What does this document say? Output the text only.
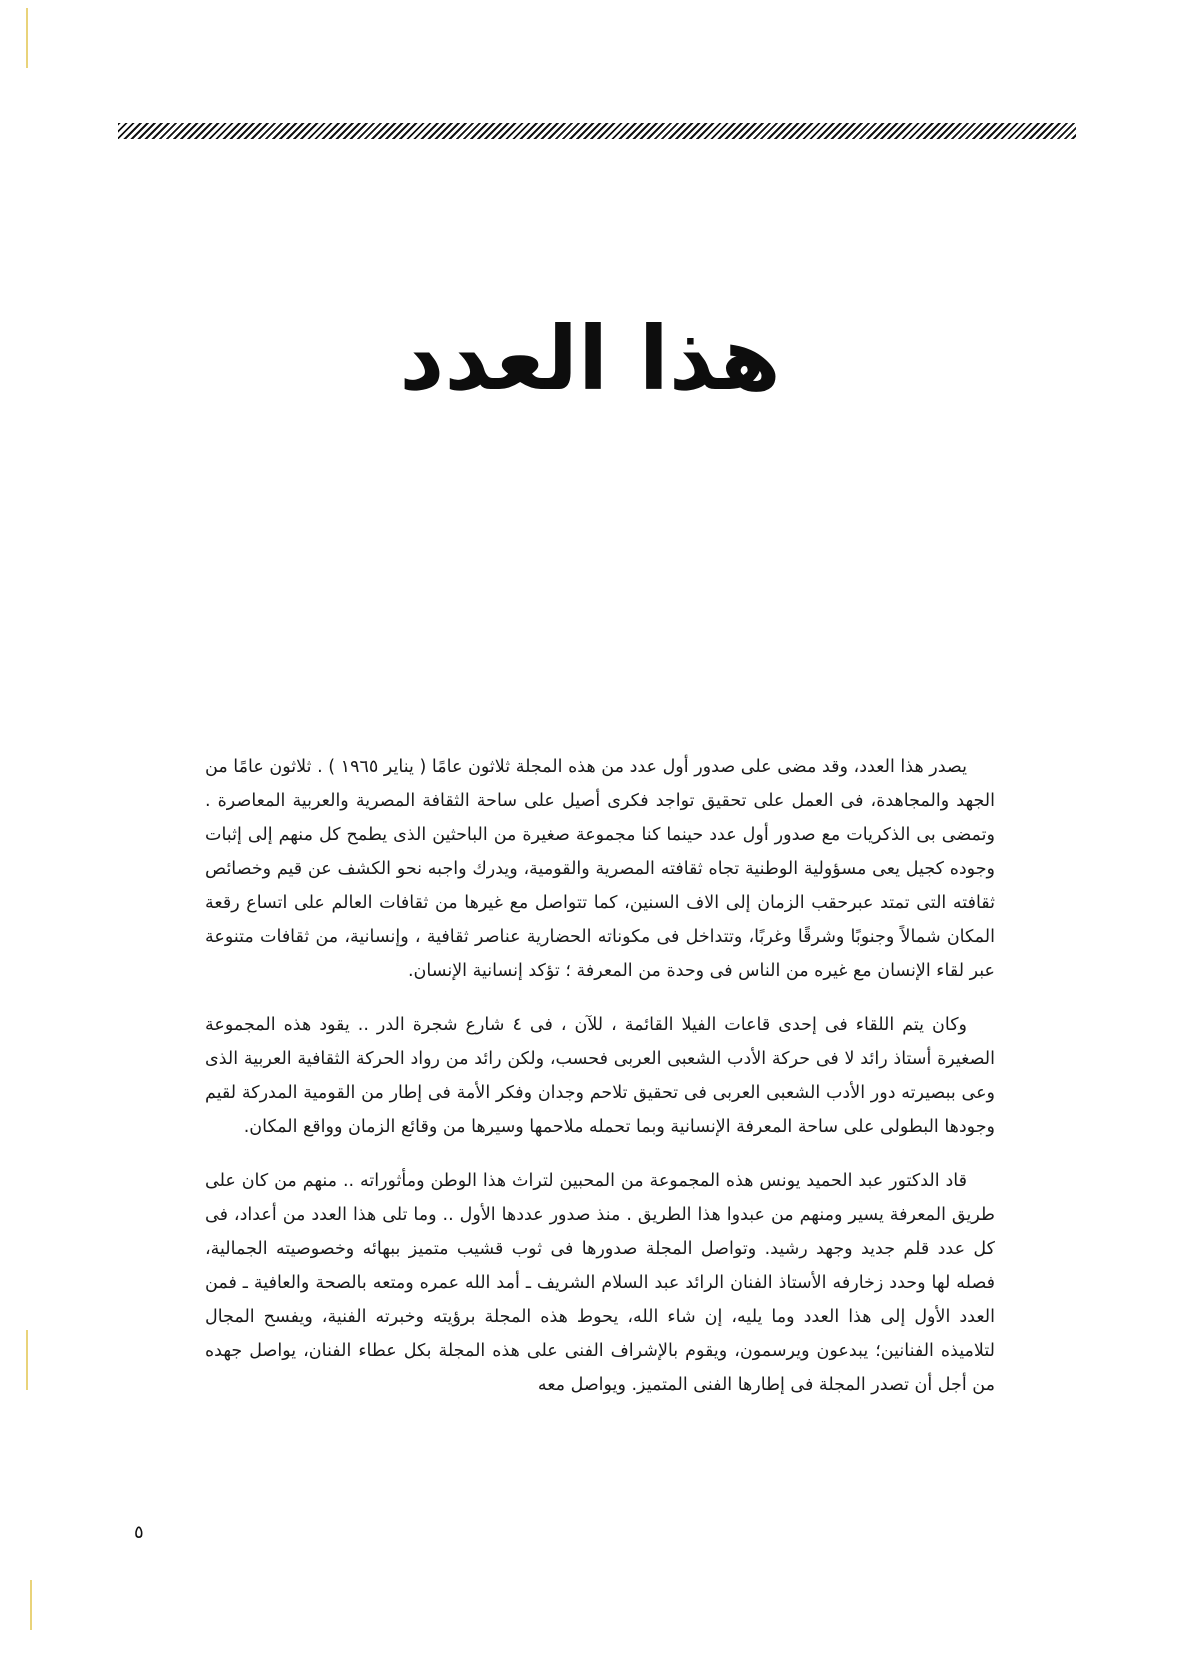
هذا العدد

يصدر هذا العدد، وقد مضى على صدور أول عدد من هذه المجلة ثلاثون عامًا ( يناير ١٩٦٥ ) . ثلاثون عامًا من الجهد والمجاهدة، فى العمل على تحقيق تواجد فكرى أصيل على ساحة الثقافة المصرية والعربية المعاصرة . وتمضى بى الذكريات مع صدور أول عدد حينما كنا مجموعة صغيرة من الباحثين الذى يطمح كل منهم إلى إثبات وجوده كجيل يعى مسؤولية الوطنية تجاه ثقافته المصرية والقومية، ويدرك واجبه نحو الكشف عن قيم وخصائص ثقافته التى تمتد عبرحقب الزمان إلى الاف السنين، كما تتواصل مع غيرها من ثقافات العالم على اتساع رقعة المكان شمالاً وجنوبًا وشرقًا وغربًا، وتتداخل فى مكوناته الحضارية عناصر ثقافية ، وإنسانية، من ثقافات متنوعة عبر لقاء الإنسان مع غيره من الناس فى وحدة من المعرفة ؛ تؤكد إنسانية الإنسان.

وكان يتم اللقاء فى إحدى قاعات الفيلا القائمة ، للآن ، فى ٤ شارع شجرة الدر .. يقود هذه المجموعة الصغيرة أستاذ رائد لا فى حركة الأدب الشعبى العربى فحسب، ولكن رائد من رواد الحركة الثقافية العربية الذى وعى ببصيرته دور الأدب الشعبى العربى فى تحقيق تلاحم وجدان وفكر الأمة فى إطار من القومية المدركة لقيم وجودها البطولى على ساحة المعرفة الإنسانية وبما تحمله ملاحمها وسيرها من وقائع الزمان وواقع المكان.

قاد الدكتور عبد الحميد يونس هذه المجموعة من المحبين لتراث هذا الوطن ومأثوراته .. منهم من كان على طريق المعرفة يسير ومنهم من عبدوا هذا الطريق . منذ صدور عددها الأول .. وما تلى هذا العدد من أعداد، فى كل عدد قلم جديد وجهد رشيد. وتواصل المجلة صدورها فى ثوب قشيب متميز ببهائه وخصوصيته الجمالية، فصله لها وحدد زخارفه الأستاذ الفنان الرائد عبد السلام الشريف ـ أمد الله عمره ومتعه بالصحة والعافية ـ فمن العدد الأول إلى هذا العدد وما يليه، إن شاء الله، يحوط هذه المجلة برؤيته وخبرته الفنية، ويفسح المجال لتلاميذه الفنانين؛ يبدعون ويرسمون، ويقوم بالإشراف الفنى على هذه المجلة بكل عطاء الفنان، يواصل جهده من أجل أن تصدر المجلة فى إطارها الفنى المتميز. ويواصل معه

٥
